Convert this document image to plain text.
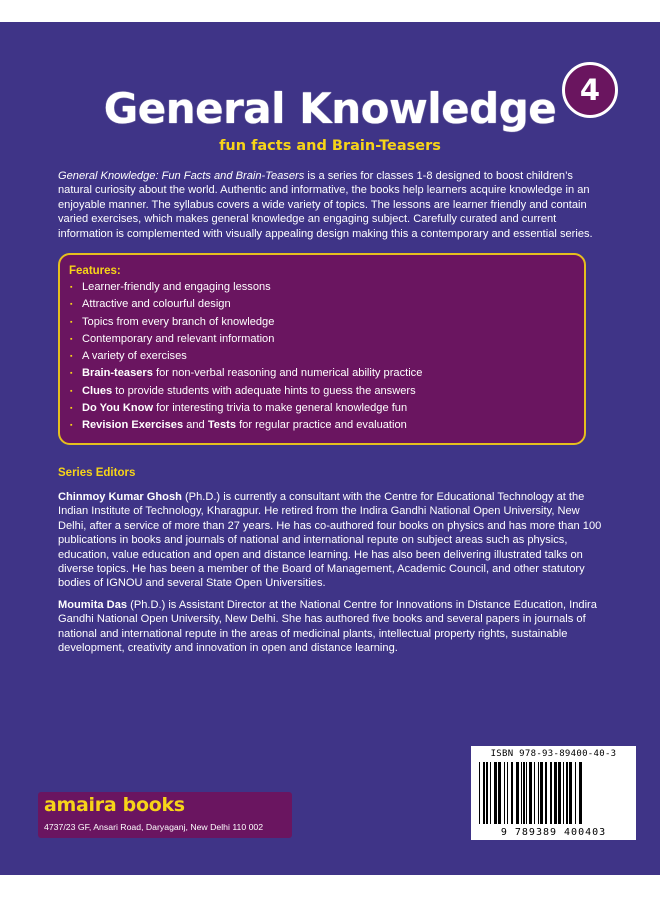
4
General Knowledge

fun facts and Brain-Teasers

General Knowledge: Fun Facts and Brain-Teasers is a series for classes 1-8 designed to boost children’s natural curiosity about the world. Authentic and informative, the books help learners acquire knowledge in an enjoyable manner. The syllabus covers a wide variety of topics. The lessons are learner friendly and contain varied exercises, which makes general knowledge an engaging subject. Carefully curated and current information is complemented with visually appealing design making this a contemporary and essential series.

Features:
▪ Learner-friendly and engaging lessons
▪ Attractive and colourful design
▪ Topics from every branch of knowledge
▪ Contemporary and relevant information
▪ A variety of exercises
▪ Brain-teasers for non-verbal reasoning and numerical ability practice
▪ Clues to provide students with adequate hints to guess the answers
▪ Do You Know for interesting trivia to make general knowledge fun
▪ Revision Exercises and Tests for regular practice and evaluation

Series Editors

Chinmoy Kumar Ghosh (Ph.D.) is currently a consultant with the Centre for Educational Technology at the Indian Institute of Technology, Kharagpur. He retired from the Indira Gandhi National Open University, New Delhi, after a service of more than 27 years. He has co-authored four books on physics and has more than 100 publications in books and journals of national and international repute on subject areas such as physics, education, value education and open and distance learning. He has also been delivering illustrated talks on diverse topics. He has been a member of the Board of Management, Academic Council, and other statutory bodies of IGNOU and several State Open Universities.

Moumita Das (Ph.D.) is Assistant Director at the National Centre for Innovations in Distance Education, Indira Gandhi National Open University, New Delhi. She has authored five books and several papers in journals of national and international repute in the areas of medicinal plants, intellectual property rights, sustainable development, creativity and innovation in open and distance learning.

amaira books
4737/23 GF, Ansari Road, Daryaganj, New Delhi 110 002
ISBN 978-93-89400-40-3
9 789389 400403
